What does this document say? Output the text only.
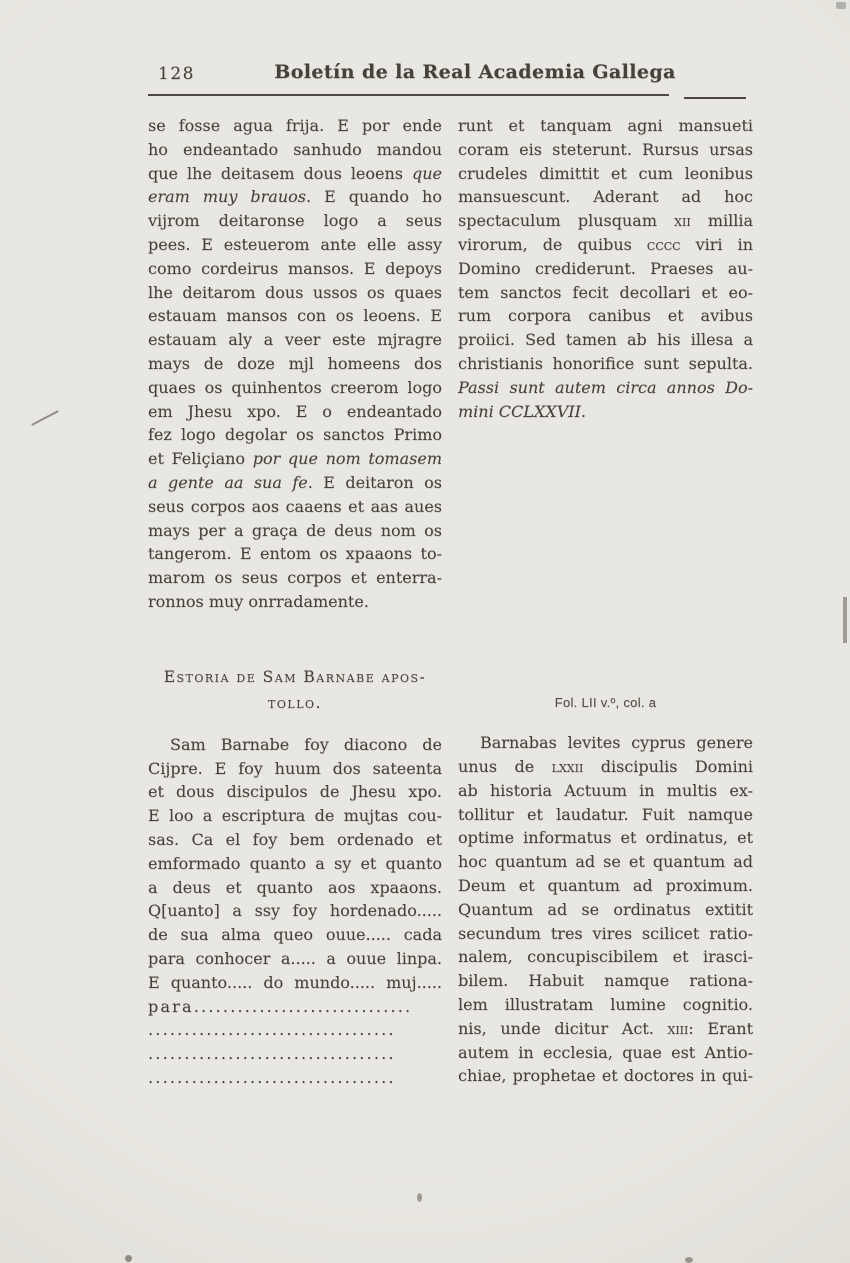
128	Boletín de la Real Academia Gallega
se fosse agua frija. E por ende
ho endeantado sanhudo mandou
que lhe deitasem dous leoens que
eram muy brauos. E quando ho
vijrom deitaronse logo a seus
pees. E esteuerom ante elle assy
como cordeirus mansos. E depoys
lhe deitarom dous ussos os quaes
estauam mansos con os leoens. E
estauam aly a veer este mjragre
mays de doze mjl homeens dos
quaes os quinhentos creerom logo
em Jhesu xpo. E o endeantado
fez logo degolar os sanctos Primo
et Feliçiano por que nom tomasem
a gente aa sua fe. E deitaron os
seus corpos aos caaens et aas aues
mays per a graça de deus nom os
tangerom. E entom os xpaaons to-
marom os seus corpos et enterra-
ronnos muy onrradamente.
Estoria de Sam Barnabe apos-
tollo.
Sam Barnabe foy diacono de
Cijpre. E foy huum dos sateenta
et dous discipulos de Jhesu xpo.
E loo a escriptura de mujtas cou-
sas. Ca el foy bem ordenado et
emformado quanto a sy et quanto
a deus et quanto aos xpaaons.
Q[uanto] a ssy foy hordenado.....
de sua alma queo ouue..... cada
para conhocer a..... a ouue linpa.
E quanto..... do mundo..... muj.....
para..............................
..................................
..................................
..................................
runt et tanquam agni mansueti
coram eis steterunt. Rursus ursas
crudeles dimittit et cum leonibus
mansuescunt. Aderant ad hoc
spectaculum plusquam xii millia
virorum, de quibus cccc viri in
Domino crediderunt. Praeses au-
tem sanctos fecit decollari et eo-
rum corpora canibus et avibus
proiici. Sed tamen ab his illesa a
christianis honorifice sunt sepulta.
Passi sunt autem circa annos Do-
mini CCLXXVII.
Fol. LII v.º, col. a
Barnabas levites cyprus genere
unus de lxxii discipulis Domini
ab historia Actuum in multis ex-
tollitur et laudatur. Fuit namque
optime informatus et ordinatus, et
hoc quantum ad se et quantum ad
Deum et quantum ad proximum.
Quantum ad se ordinatus extitit
secundum tres vires scilicet ratio-
nalem, concupiscibilem et irasci-
bilem. Habuit namque rationa-
lem illustratam lumine cognitio.
nis, unde dicitur Act. xiii: Erant
autem in ecclesia, quae est Antio-
chiae, prophetae et doctores in qui-
